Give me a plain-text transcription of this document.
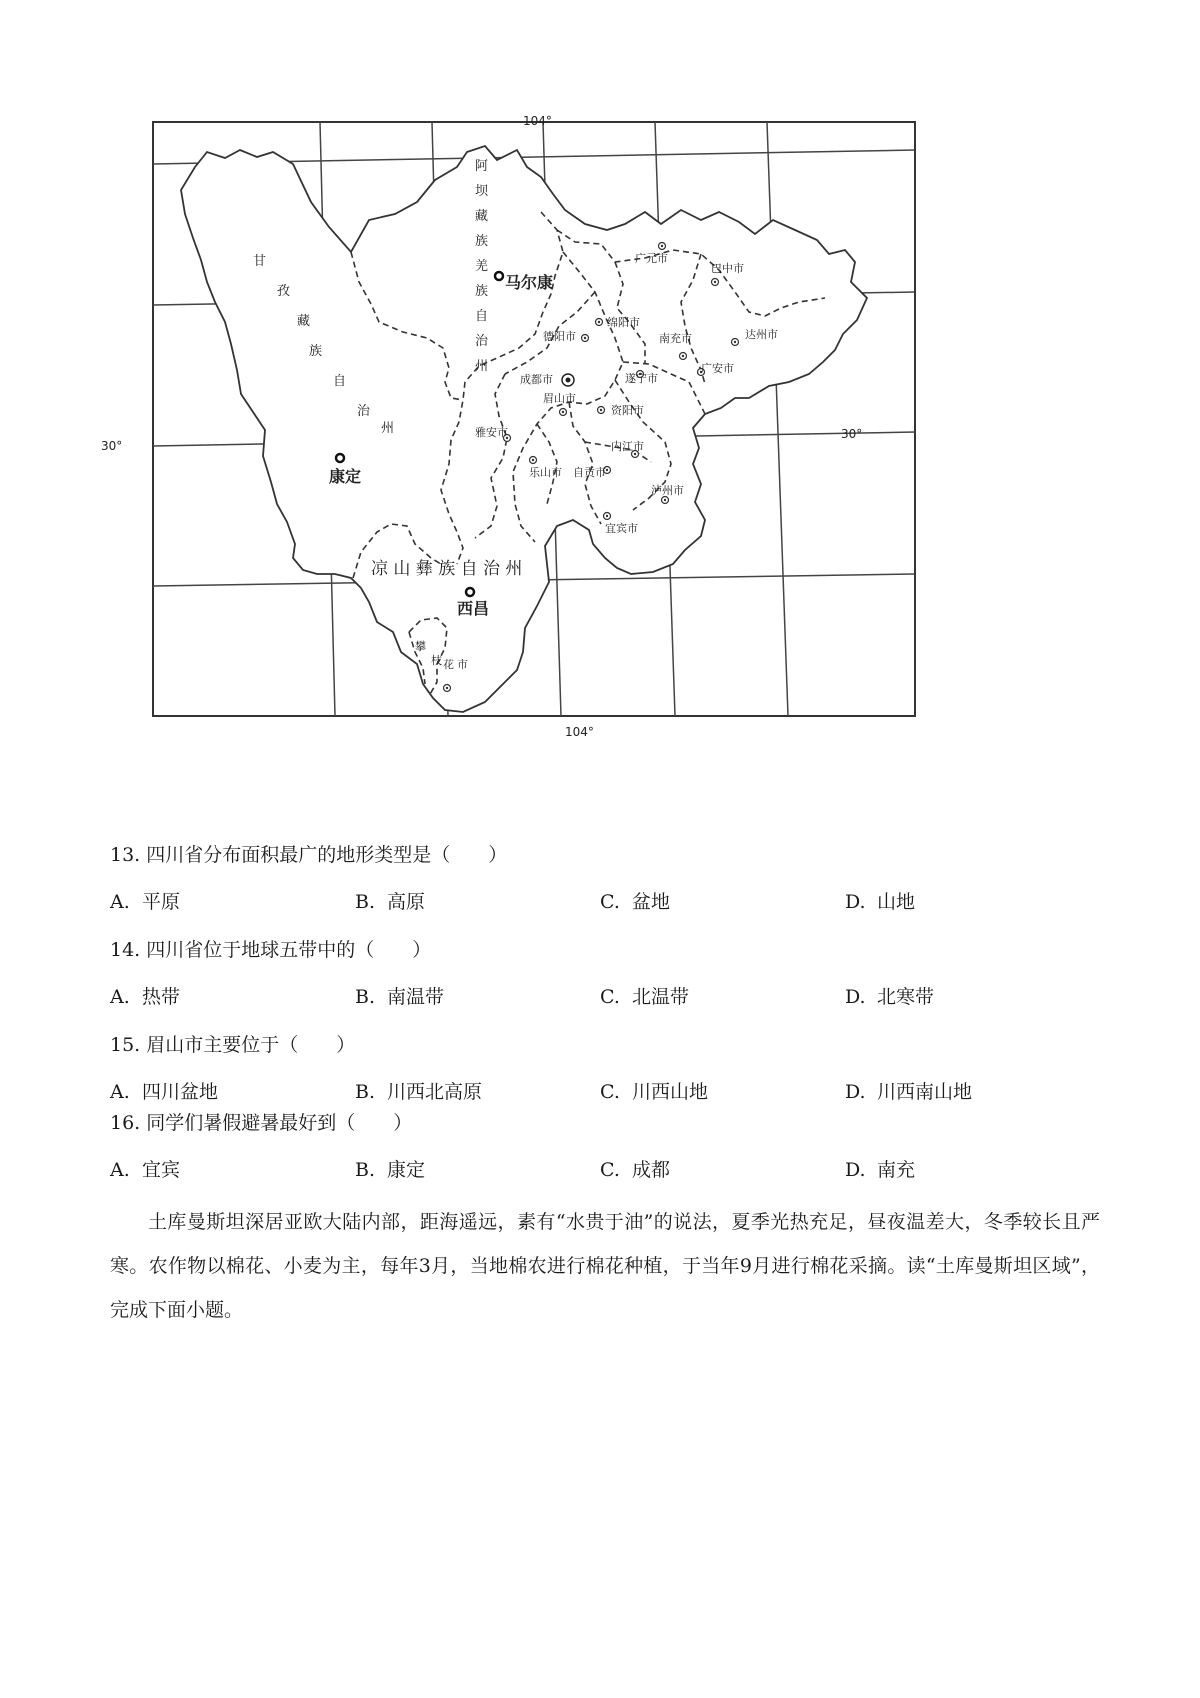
104°
104°
30°
30°
甘
孜
藏
族
自
治
州
阿
坝
藏
族
羌
族
自
治
州
凉 山 彝 族 自 治 州
马尔康
康定
西昌
成都市
攀
枝 花 市
广元市
巴中市
绵阳市
德阳市	南充市	达州市
广安市
遂宁市
资阳市
眉山市
雅安市
内江市
乐山市 自贡市
泸州市
宜宾市
13. 四川省分布面积最广的地形类型是（　　）
A. 平原	B. 高原	C. 盆地	D. 山地
14. 四川省位于地球五带中的（　　）
A. 热带	B. 南温带	C. 北温带	D. 北寒带
15. 眉山市主要位于（　　）
A. 四川盆地	B. 川西北高原	C. 川西山地	D. 川西南山地
16. 同学们暑假避暑最好到（　　）
A. 宜宾	B. 康定	C. 成都	D. 南充
土库曼斯坦深居亚欧大陆内部，距海遥远，素有“水贵于油”的说法，夏季光热充足，昼夜温差大，冬季较长且严寒。农作物以棉花、小麦为主，每年3月，当地棉农进行棉花种植，于当年9月进行棉花采摘。读“土库曼斯坦区域”，完成下面小题。
